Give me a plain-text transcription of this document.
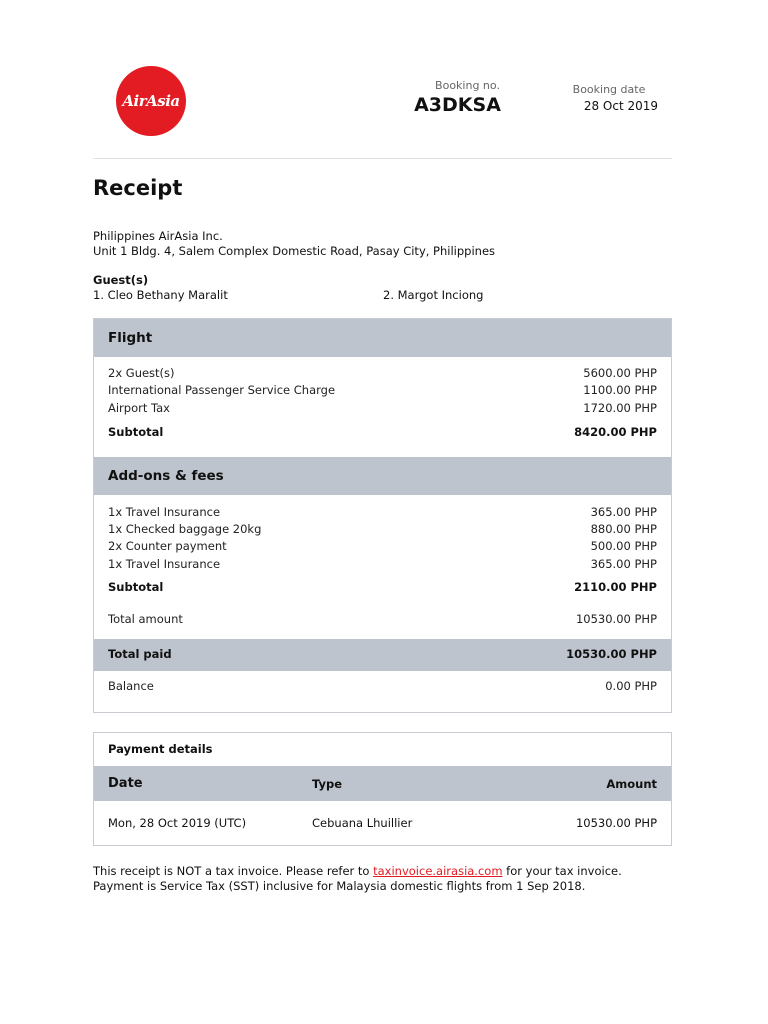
AirAsia
Booking no.
A3DKSA
Booking date
28 Oct 2019
Receipt
Philippines AirAsia Inc.
Unit 1 Bldg. 4, Salem Complex Domestic Road, Pasay City, Philippines
Guest(s)
1. Cleo Bethany Maralit	2. Margot Inciong
Flight
2x Guest(s)	5600.00 PHP
International Passenger Service Charge	1100.00 PHP
Airport Tax	1720.00 PHP
Subtotal	8420.00 PHP
Add-ons & fees
1x Travel Insurance	365.00 PHP
1x Checked baggage 20kg	880.00 PHP
2x Counter payment	500.00 PHP
1x Travel Insurance	365.00 PHP
Subtotal	2110.00 PHP
Total amount	10530.00 PHP
Total paid	10530.00 PHP
Balance	0.00 PHP
Payment details
Date	Type	Amount
Mon, 28 Oct 2019 (UTC)	Cebuana Lhuillier	10530.00 PHP
This receipt is NOT a tax invoice. Please refer to taxinvoice.airasia.com for your tax invoice.
Payment is Service Tax (SST) inclusive for Malaysia domestic flights from 1 Sep 2018.
